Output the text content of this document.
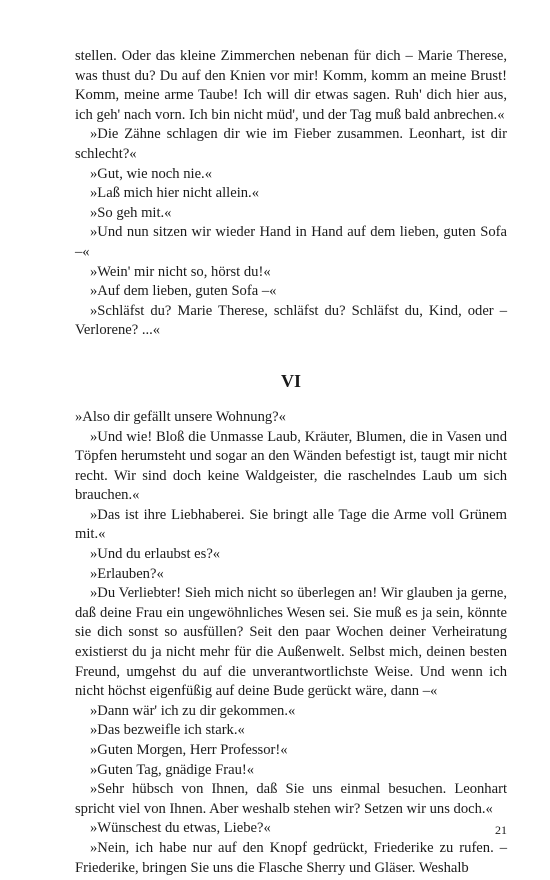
stellen. Oder das kleine Zimmerchen nebenan für dich – Marie Therese, was thust du? Du auf den Knien vor mir! Komm, komm an meine Brust! Komm, meine arme Taube! Ich will dir etwas sagen. Ruh' dich hier aus, ich geh' nach vorn. Ich bin nicht müd', und der Tag muß bald anbrechen.«

»Die Zähne schlagen dir wie im Fieber zusammen. Leonhart, ist dir schlecht?«

»Gut, wie noch nie.«

»Laß mich hier nicht allein.«

»So geh mit.«

»Und nun sitzen wir wieder Hand in Hand auf dem lieben, guten Sofa –«

»Wein' mir nicht so, hörst du!«

»Auf dem lieben, guten Sofa –«

»Schläfst du? Marie Therese, schläfst du? Schläfst du, Kind, oder – Verlorene? ...«

VI

»Also dir gefällt unsere Wohnung?«

»Und wie! Bloß die Unmasse Laub, Kräuter, Blumen, die in Vasen und Töpfen herumsteht und sogar an den Wänden befestigt ist, taugt mir nicht recht. Wir sind doch keine Waldgeister, die raschelndes Laub um sich brauchen.«

»Das ist ihre Liebhaberei. Sie bringt alle Tage die Arme voll Grünem mit.«

»Und du erlaubst es?«

»Erlauben?«

»Du Verliebter! Sieh mich nicht so überlegen an! Wir glauben ja gerne, daß deine Frau ein ungewöhnliches Wesen sei. Sie muß es ja sein, könnte sie dich sonst so ausfüllen? Seit den paar Wochen deiner Verheiratung existierst du ja nicht mehr für die Außenwelt. Selbst mich, deinen besten Freund, umgehst du auf die unverantwortlichste Weise. Und wenn ich nicht höchst eigenfüßig auf deine Bude gerückt wäre, dann –«

»Dann wär' ich zu dir gekommen.«

»Das bezweifle ich stark.«

»Guten Morgen, Herr Professor!«

»Guten Tag, gnädige Frau!«

»Sehr hübsch von Ihnen, daß Sie uns einmal besuchen. Leonhart spricht viel von Ihnen. Aber weshalb stehen wir? Setzen wir uns doch.«

»Wünschest du etwas, Liebe?«

»Nein, ich habe nur auf den Knopf gedrückt, Friederike zu rufen. – Friederike, bringen Sie uns die Flasche Sherry und Gläser. Weshalb

21
